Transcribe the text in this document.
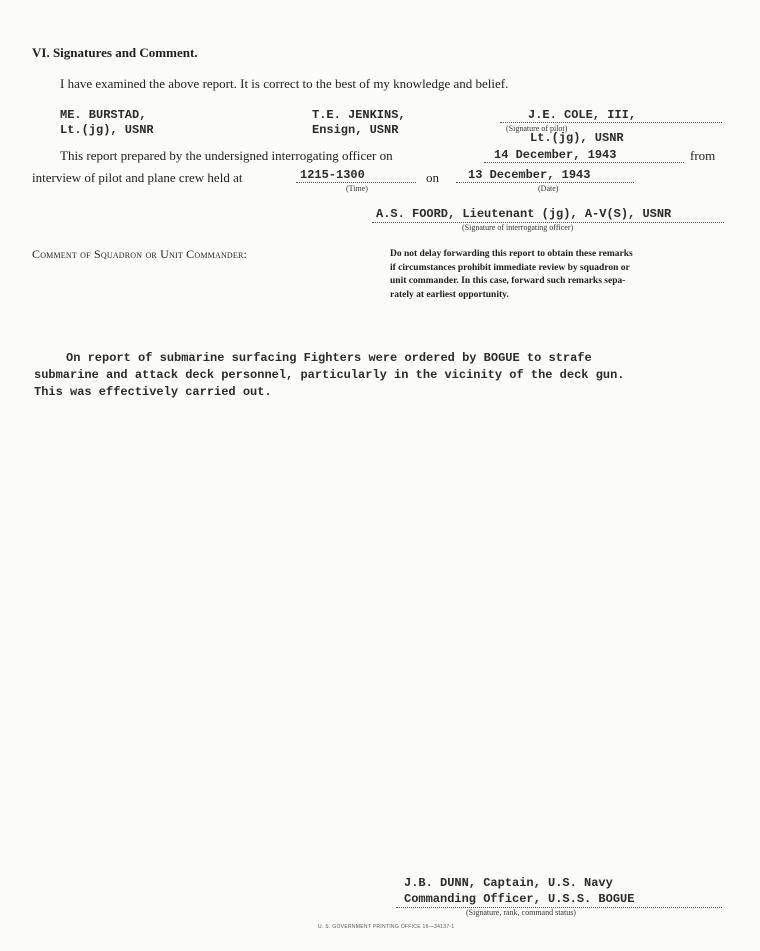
VI. Signatures and Comment.
I have examined the above report. It is correct to the best of my knowledge and belief.
ME. BURSTAD,
Lt.(jg), USNR
T.E. JENKINS,
Ensign, USNR
J.E. COLE, III,
(Signature of pilot)
Lt.(jg), USNR
This report prepared by the undersigned interrogating officer on	14 December, 1943	from
interview of pilot and plane crew held at	1215-1300
(Time)
on 13 December, 1943
(Date)
A.S. FOORD, Lieutenant (jg), A-V(S), USNR
(Signature of interrogating officer)
Comment of Squadron or Unit Commander:	Do not delay forwarding this report to obtain these remarks
if circumstances prohibit immediate review by squadron or
unit commander. In this case, forward such remarks sepa-
rately at earliest opportunity.
On report of submarine surfacing Fighters were ordered by BOGUE to strafe
submarine and attack deck personnel, particularly in the vicinity of the deck gun.
This was effectively carried out.
J.B. DUNN, Captain, U.S. Navy
Commanding Officer, U.S.S. BOGUE
(Signature, rank, command status)
U. S. GOVERNMENT PRINTING OFFICE 16—34137-1
